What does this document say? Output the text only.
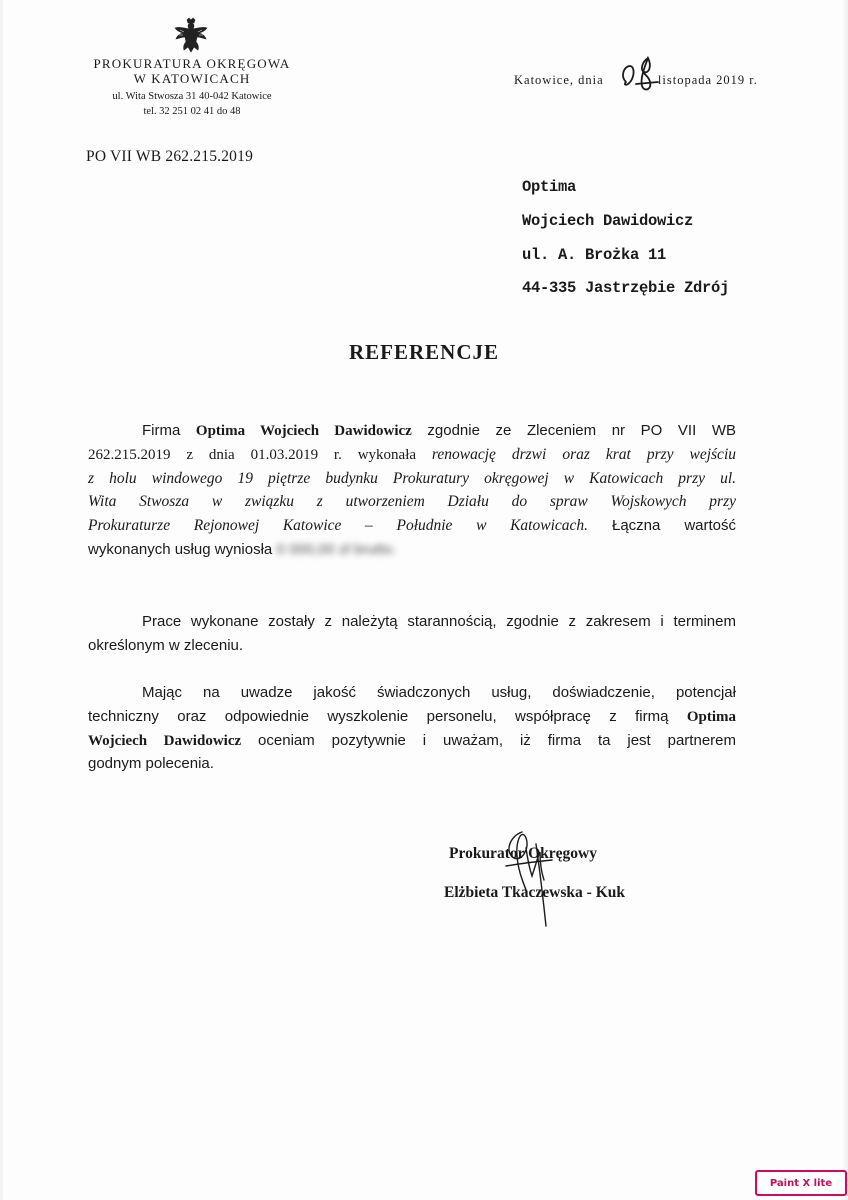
PROKURATURA OKRĘGOWA
W KATOWICACH
ul. Wita Stwosza 31 40-042 Katowice
tel. 32 251 02 41 do 48
Katowice, dnia	listopada 2019 r.
PO VII WB 262.215.2019
Optima
Wojciech Dawidowicz
ul. A. Brożka 11
44-335 Jastrzębie Zdrój
REFERENCJE
Firma Optima Wojciech Dawidowicz zgodnie ze Zleceniem nr PO VII WB
262.215.2019 z dnia 01.03.2019 r. wykonała renowację drzwi oraz krat przy wejściu
z holu windowego 19 piętrze budynku Prokuratury okręgowej w Katowicach przy ul.
Wita Stwosza w związku z utworzeniem Działu do spraw Wojskowych przy
Prokuraturze Rejonowej Katowice – Południe w Katowicach. Łączna wartość
wykonanych usług wyniosła 0 000,00 zł brutto.
Prace wykonane zostały z należytą starannością, zgodnie z zakresem i terminem
określonym w zleceniu.
Mając na uwadze jakość świadczonych usług, doświadczenie, potencjał
techniczny oraz odpowiednie wyszkolenie personelu, współpracę z firmą Optima
Wojciech Dawidowicz oceniam pozytywnie i uważam, iż firma ta jest partnerem
godnym polecenia.
Prokurator Okręgowy
Elżbieta Tkaczewska - Kuk
Paint X lite
